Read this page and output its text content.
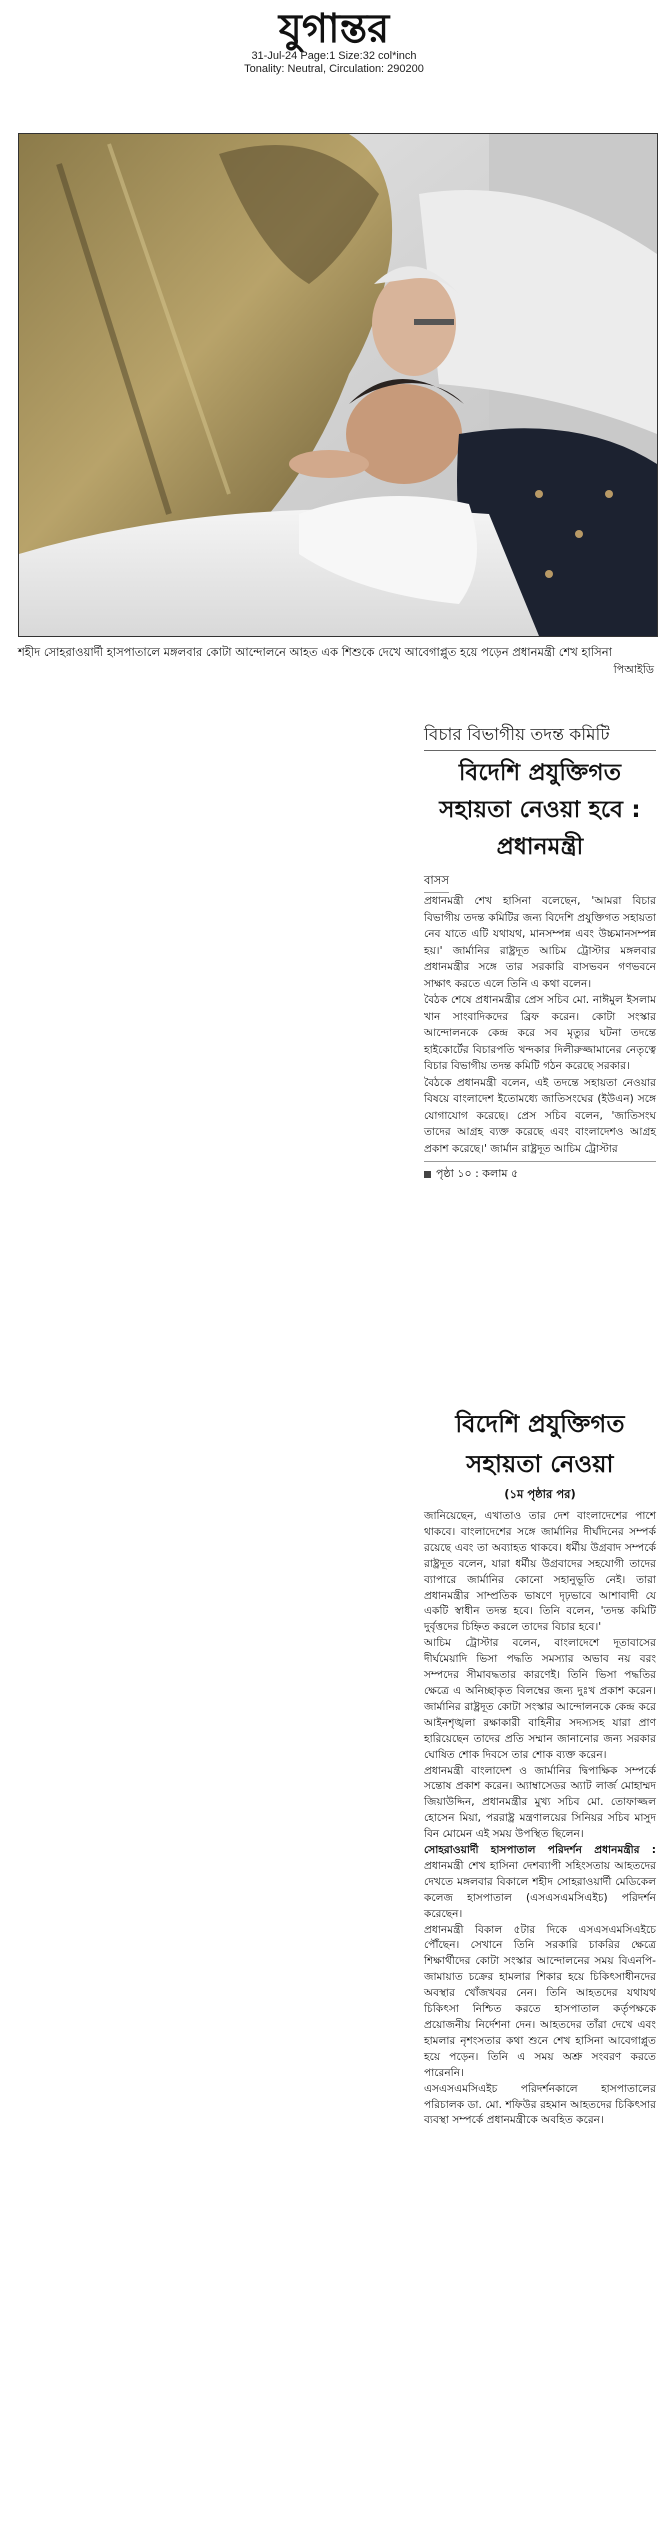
যুগান্তর
31-Jul-24 Page:1 Size:32 col*inch
Tonality: Neutral, Circulation: 290200
শহীদ সোহরাওয়ার্দী হাসপাতালে মঙ্গলবার কোটা আন্দোলনে আহত এক শিশুকে দেখে আবেগাপ্লুত হয়ে পড়েন প্রধানমন্ত্রী শেখ হাসিনা
পিআইডি
বিচার বিভাগীয় তদন্ত কমিটি
বিদেশি প্রযুক্তিগত সহায়তা নেওয়া হবে : প্রধানমন্ত্রী
বাসস

প্রধানমন্ত্রী শেখ হাসিনা বলেছেন, 'আমরা বিচার বিভাগীয় তদন্ত কমিটির জন্য বিদেশি প্রযুক্তিগত সহায়তা নেব যাতে এটি যথাযথ, মানসম্পন্ন এবং উচ্চমানসম্পন্ন হয়।' জার্মানির রাষ্ট্রদূত আচিম ট্রোস্টার মঙ্গলবার প্রধানমন্ত্রীর সঙ্গে তার সরকারি বাসভবন গণভবনে সাক্ষাৎ করতে এলে তিনি এ কথা বলেন।

বৈঠক শেষে প্রধানমন্ত্রীর প্রেস সচিব মো. নাঈমুল ইসলাম খান সাংবাদিকদের ব্রিফ করেন। কোটা সংস্কার আন্দোলনকে কেন্দ্র করে সব মৃত্যুর ঘটনা তদন্তে হাইকোর্টের বিচারপতি খন্দকার দিলীরুজ্জামানের নেতৃত্বে বিচার বিভাগীয় তদন্ত কমিটি গঠন করেছে সরকার।

বৈঠকে প্রধানমন্ত্রী বলেন, এই তদন্তে সহায়তা নেওয়ার বিষয়ে বাংলাদেশ ইতোমধ্যে জাতিসংঘের (ইউএন) সঙ্গে যোগাযোগ করেছে। প্রেস সচিব বলেন, 'জাতিসংঘ তাদের আগ্রহ ব্যক্ত করেছে এবং বাংলাদেশও আগ্রহ প্রকাশ করেছে।' জার্মান রাষ্ট্রদূত আচিম ট্রোস্টার

পৃষ্ঠা ১০ : কলাম ৫
বিদেশি প্রযুক্তিগত সহায়তা নেওয়া
(১ম পৃষ্ঠার পর)

জানিয়েছেন, এখাতাও তার দেশ বাংলাদেশের পাশে থাকবে। বাংলাদেশের সঙ্গে জার্মানির দীর্ঘদিনের সম্পর্ক রয়েছে এবং তা অব্যাহত থাকবে। ধর্মীয় উগ্রবাদ সম্পর্কে রাষ্ট্রদূত বলেন, যারা ধর্মীয় উগ্রবাদের সহযোগী তাদের ব্যাপারে জার্মানির কোনো সহানুভূতি নেই। তারা প্রধানমন্ত্রীর সাম্প্রতিক ভাষণে দৃঢ়ভাবে আশাবাদী যে একটি স্বাধীন তদন্ত হবে। তিনি বলেন, 'তদন্ত কমিটি দুর্বৃত্তদের চিহ্নিত করলে তাদের বিচার হবে।'

আচিম ট্রোস্টার বলেন, বাংলাদেশে দূতাবাসের দীর্ঘমেয়াদি ভিসা পদ্ধতি সমস্যার অভাব নয় বরং সম্পদের সীমাবদ্ধতার কারণেই। তিনি ভিসা পদ্ধতির ক্ষেত্রে এ অনিচ্ছাকৃত বিলম্বের জন্য দুঃখ প্রকাশ করেন। জার্মানির রাষ্ট্রদূত কোটা সংস্কার আন্দোলনকে কেন্দ্র করে আইনশৃঙ্খলা রক্ষাকারী বাহিনীর সদস্যসহ যারা প্রাণ হারিয়েছেন তাদের প্রতি সম্মান জানানোর জন্য সরকার ঘোষিত শোক দিবসে তার শোক ব্যক্ত করেন।

প্রধানমন্ত্রী বাংলাদেশ ও জার্মানির দ্বিপাক্ষিক সম্পর্কে সন্তোষ প্রকাশ করেন। অ্যাম্বাসেডর অ্যাট লার্জ মোহাম্মদ জিয়াউদ্দিন, প্রধানমন্ত্রীর মুখ্য সচিব মো. তোফাজ্জল হোসেন মিয়া, পররাষ্ট্র মন্ত্রণালয়ের সিনিয়র সচিব মাসুদ বিন মোমেন এই সময় উপস্থিত ছিলেন।

সোহরাওয়ার্দী হাসপাতাল পরিদর্শন প্রধানমন্ত্রীর : প্রধানমন্ত্রী শেখ হাসিনা দেশব্যাপী সহিংসতায় আহতদের দেখতে মঙ্গলবার বিকালে শহীদ সোহরাওয়ার্দী মেডিকেল কলেজ হাসপাতাল (এসএসএমসিএইচ) পরিদর্শন করেছেন।

প্রধানমন্ত্রী বিকাল ৫টার দিকে এসএসএমসিএইচে পৌঁছেন। সেখানে তিনি সরকারি চাকরির ক্ষেত্রে শিক্ষার্থীদের কোটা সংস্কার আন্দোলনের সময় বিএনপি-জামায়াত চক্রের হামলার শিকার হয়ে চিকিৎসাধীনদের অবস্থার খোঁজখবর নেন। তিনি আহতদের যথাযথ চিকিৎসা নিশ্চিত করতে হাসপাতাল কর্তৃপক্ষকে প্রয়োজনীয় নির্দেশনা দেন। আহতদের তাঁরা দেখে এবং হামলার নৃশংসতার কথা শুনে শেখ হাসিনা আবেগাপ্লুত হয়ে পড়েন। তিনি এ সময় অশ্রু সংবরণ করতে পারেননি।

এসএসএমসিএইচ পরিদর্শনকালে হাসপাতালের পরিচালক ডা. মো. শফিউর রহমান আহতদের চিকিৎসার ব্যবস্থা সম্পর্কে প্রধানমন্ত্রীকে অবহিত করেন।
